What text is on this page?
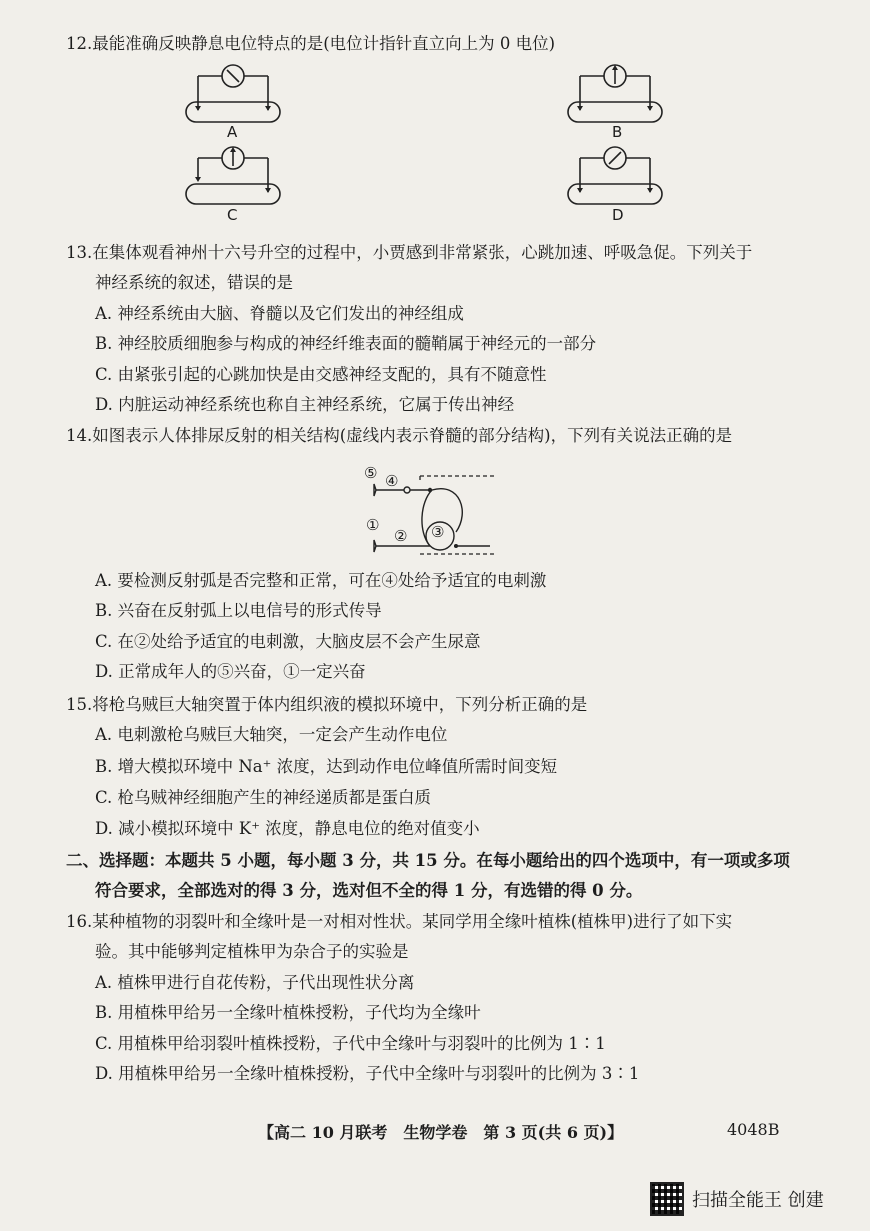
12.最能准确反映静息电位特点的是(电位计指针直立向上为 0 电位)
A	B
C	D
13.在集体观看神州十六号升空的过程中，小贾感到非常紧张，心跳加速、呼吸急促。下列关于
神经系统的叙述，错误的是
A. 神经系统由大脑、脊髓以及它们发出的神经组成
B. 神经胶质细胞参与构成的神经纤维表面的髓鞘属于神经元的一部分
C. 由紧张引起的心跳加快是由交感神经支配的，具有不随意性
D. 内脏运动神经系统也称自主神经系统，它属于传出神经
14.如图表示人体排尿反射的相关结构(虚线内表示脊髓的部分结构)，下列有关说法正确的是
⑤ ④
①
② ③
A. 要检测反射弧是否完整和正常，可在④处给予适宜的电刺激
B. 兴奋在反射弧上以电信号的形式传导
C. 在②处给予适宜的电刺激，大脑皮层不会产生尿意
D. 正常成年人的⑤兴奋，①一定兴奋
15.将枪乌贼巨大轴突置于体内组织液的模拟环境中，下列分析正确的是
A. 电刺激枪乌贼巨大轴突，一定会产生动作电位
B. 增大模拟环境中 Na⁺ 浓度，达到动作电位峰值所需时间变短
C. 枪乌贼神经细胞产生的神经递质都是蛋白质
D. 减小模拟环境中 K⁺ 浓度，静息电位的绝对值变小
二、选择题：本题共 5 小题，每小题 3 分，共 15 分。在每小题给出的四个选项中，有一项或多项
符合要求，全部选对的得 3 分，选对但不全的得 1 分，有选错的得 0 分。
16.某种植物的羽裂叶和全缘叶是一对相对性状。某同学用全缘叶植株(植株甲)进行了如下实
验。其中能够判定植株甲为杂合子的实验是
A. 植株甲进行自花传粉，子代出现性状分离
B. 用植株甲给另一全缘叶植株授粉，子代均为全缘叶
C. 用植株甲给羽裂叶植株授粉，子代中全缘叶与羽裂叶的比例为 1∶1
D. 用植株甲给另一全缘叶植株授粉，子代中全缘叶与羽裂叶的比例为 3∶1
【高二 10 月联考　生物学卷　第 3 页(共 6 页)】	4048B
扫描全能王 创建
